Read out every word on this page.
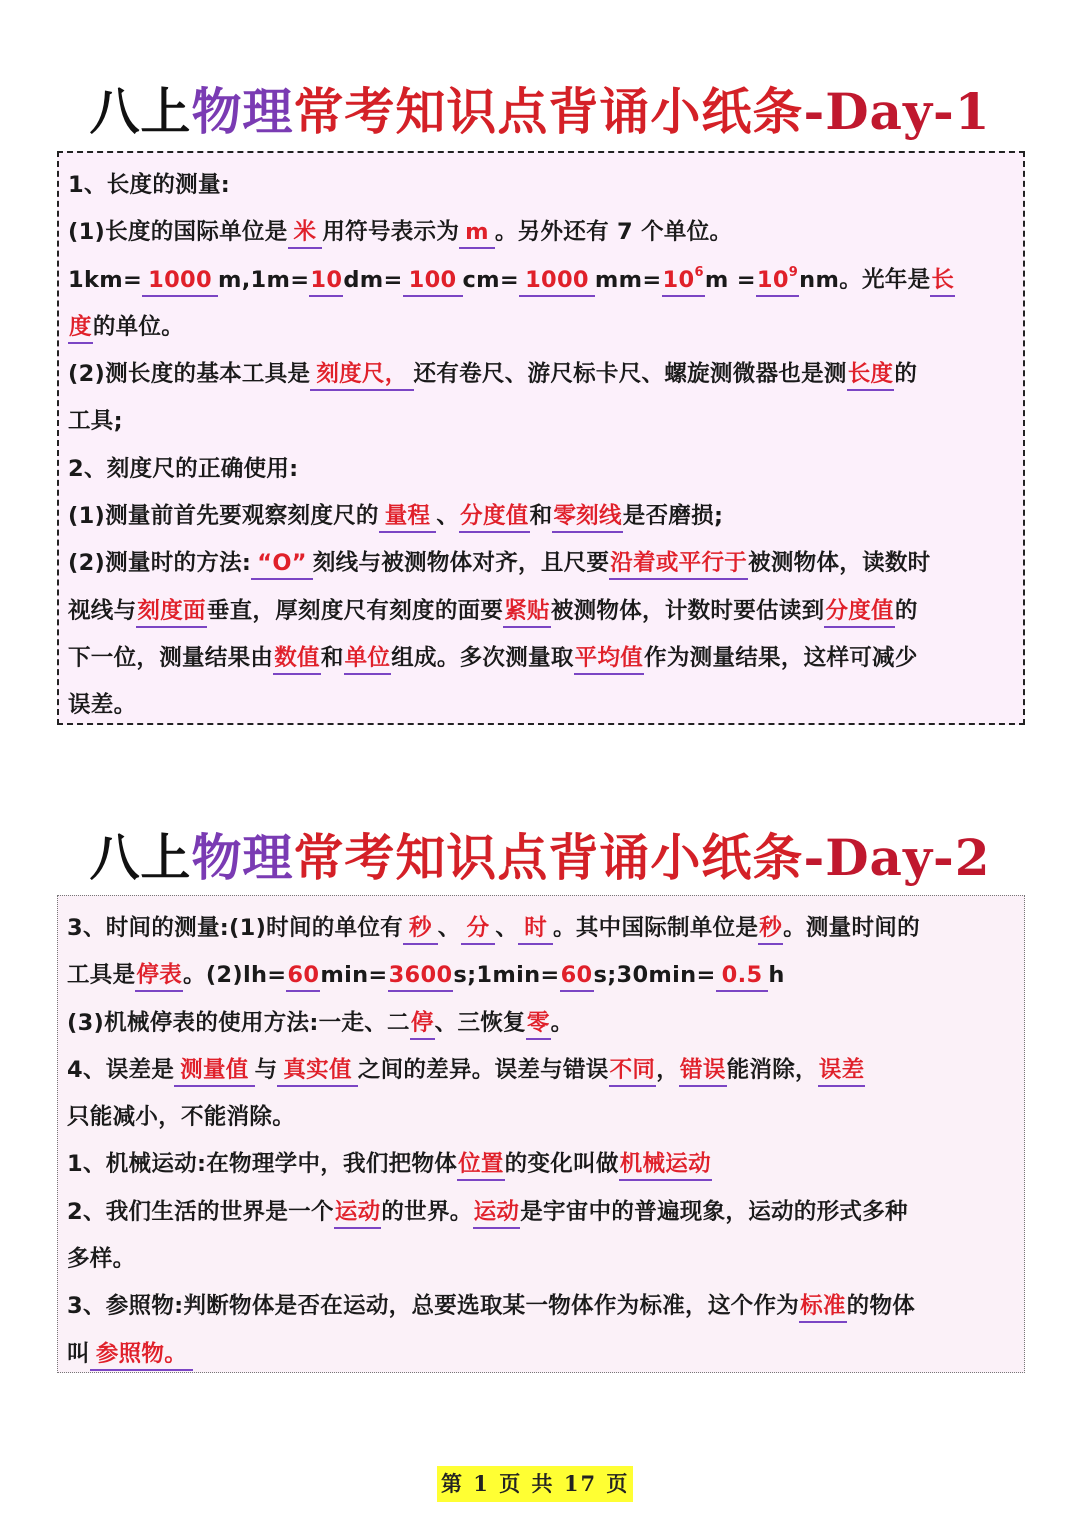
八上物理常考知识点背诵小纸条-Day-1
1、长度的测量:
(1)长度的国际单位是 米 用符号表示为 m 。另外还有 7 个单位。
1km= 1000 m,1m=10dm= 100 cm= 1000 $mm=10^6m =10^9nm$。光年是长
度的单位。
(2)测长度的基本工具是 刻度尺， 还有卷尺、游尺标卡尺、螺旋测微器也是测长度的
工具;
2、刻度尺的正确使用:
(1)测量前首先要观察刻度尺的 量程 、分度值和零刻线是否磨损;
(2)测量时的方法: “O” 刻线与被测物体对齐，且尺要沿着或平行于被测物体，读数时
视线与刻度面垂直，厚刻度尺有刻度的面要紧贴被测物体，计数时要估读到分度值的
下一位，测量结果由数值和单位组成。多次测量取平均值作为测量结果，这样可减少
误差。
八上物理常考知识点背诵小纸条-Day-2
3、时间的测量:(1)时间的单位有 秒 、 分 、 时 。其中国际制单位是秒。测量时间的
工具是停表。(2)lh=60min=3600s;1min=60s;30min= 0.5 h
(3)机械停表的使用方法:一走、二停、三恢复零。
4、误差是 测量值 与 真实值 之间的差异。误差与错误不同，错误能消除，误差
只能减小，不能消除。
1、机械运动:在物理学中，我们把物体位置的变化叫做机械运动
2、我们生活的世界是一个运动的世界。运动是宇宙中的普遍现象，运动的形式多种
多样。
3、参照物:判断物体是否在运动，总要选取某一物体作为标准，这个作为标准的物体
叫 参照物。
第 1 页 共 17 页
